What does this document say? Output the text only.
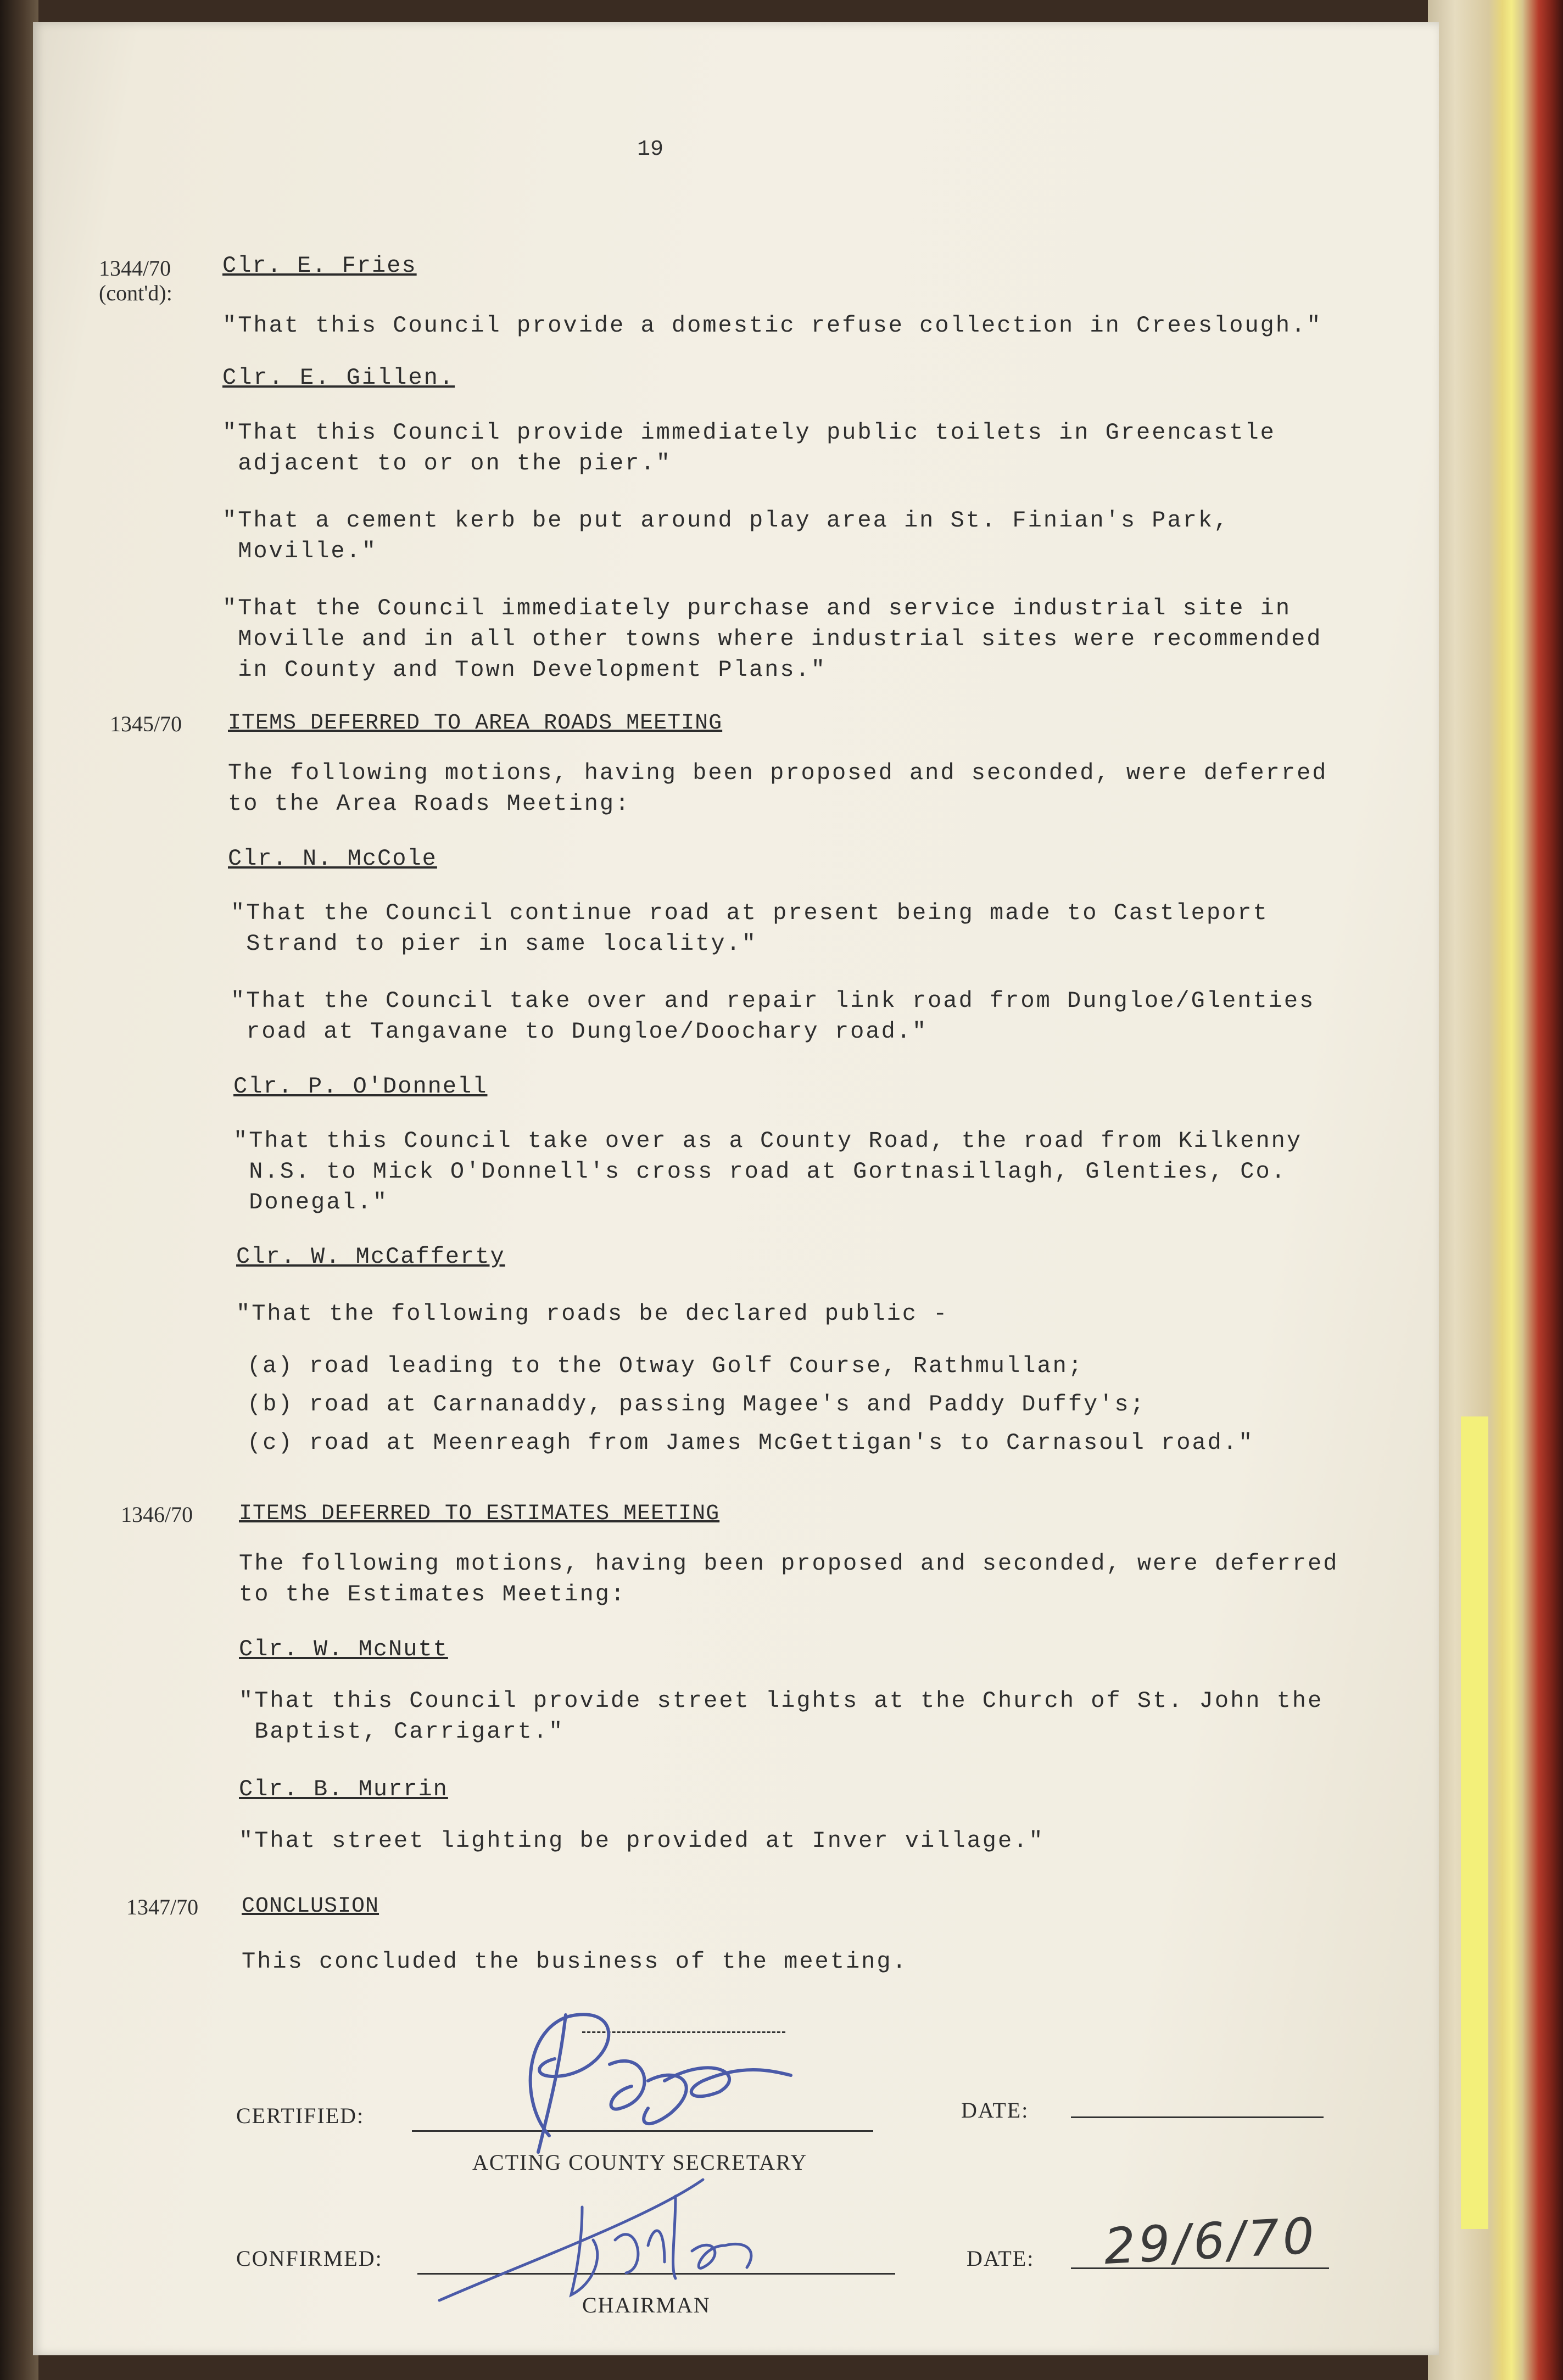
19
1344/70
(cont'd):
Clr. E. Fries
"That this Council provide a domestic refuse collection in Creeslough."
Clr. E. Gillen.
"That this Council provide immediately public toilets in Greencastle
adjacent to or on the pier."
"That a cement kerb be put around play area in St. Finian's Park,
Moville."
"That the Council immediately purchase and service industrial site in
Moville and in all other towns where industrial sites were recommended
in County and Town Development Plans."
1345/70 ITEMS DEFERRED TO AREA ROADS MEETING
The following motions, having been proposed and seconded, were deferred
to the Area Roads Meeting:
Clr. N. McCole
"That the Council continue road at present being made to Castleport
Strand to pier in same locality."
"That the Council take over and repair link road from Dungloe/Glenties
road at Tangavane to Dungloe/Doochary road."
Clr. P. O'Donnell
"That this Council take over as a County Road, the road from Kilkenny
N.S. to Mick O'Donnell's cross road at Gortnasillagh, Glenties, Co.
Donegal."
Clr. W. McCafferty
"That the following roads be declared public -
(a) road leading to the Otway Golf Course, Rathmullan;
(b) road at Carnanaddy, passing Magee's and Paddy Duffy's;
(c) road at Meenreagh from James McGettigan's to Carnasoul road."
1346/70 ITEMS DEFERRED TO ESTIMATES MEETING
The following motions, having been proposed and seconded, were deferred
to the Estimates Meeting:
Clr. W. McNutt
"That this Council provide street lights at the Church of St. John the
Baptist, Carrigart."
Clr. B. Murrin
"That street lighting be provided at Inver village."
1347/70 CONCLUSION
This concluded the business of the meeting.
CERTIFIED:
ACTING COUNTY SECRETARY
DATE:
CONFIRMED:
CHAIRMAN
DATE: 29/6/70
